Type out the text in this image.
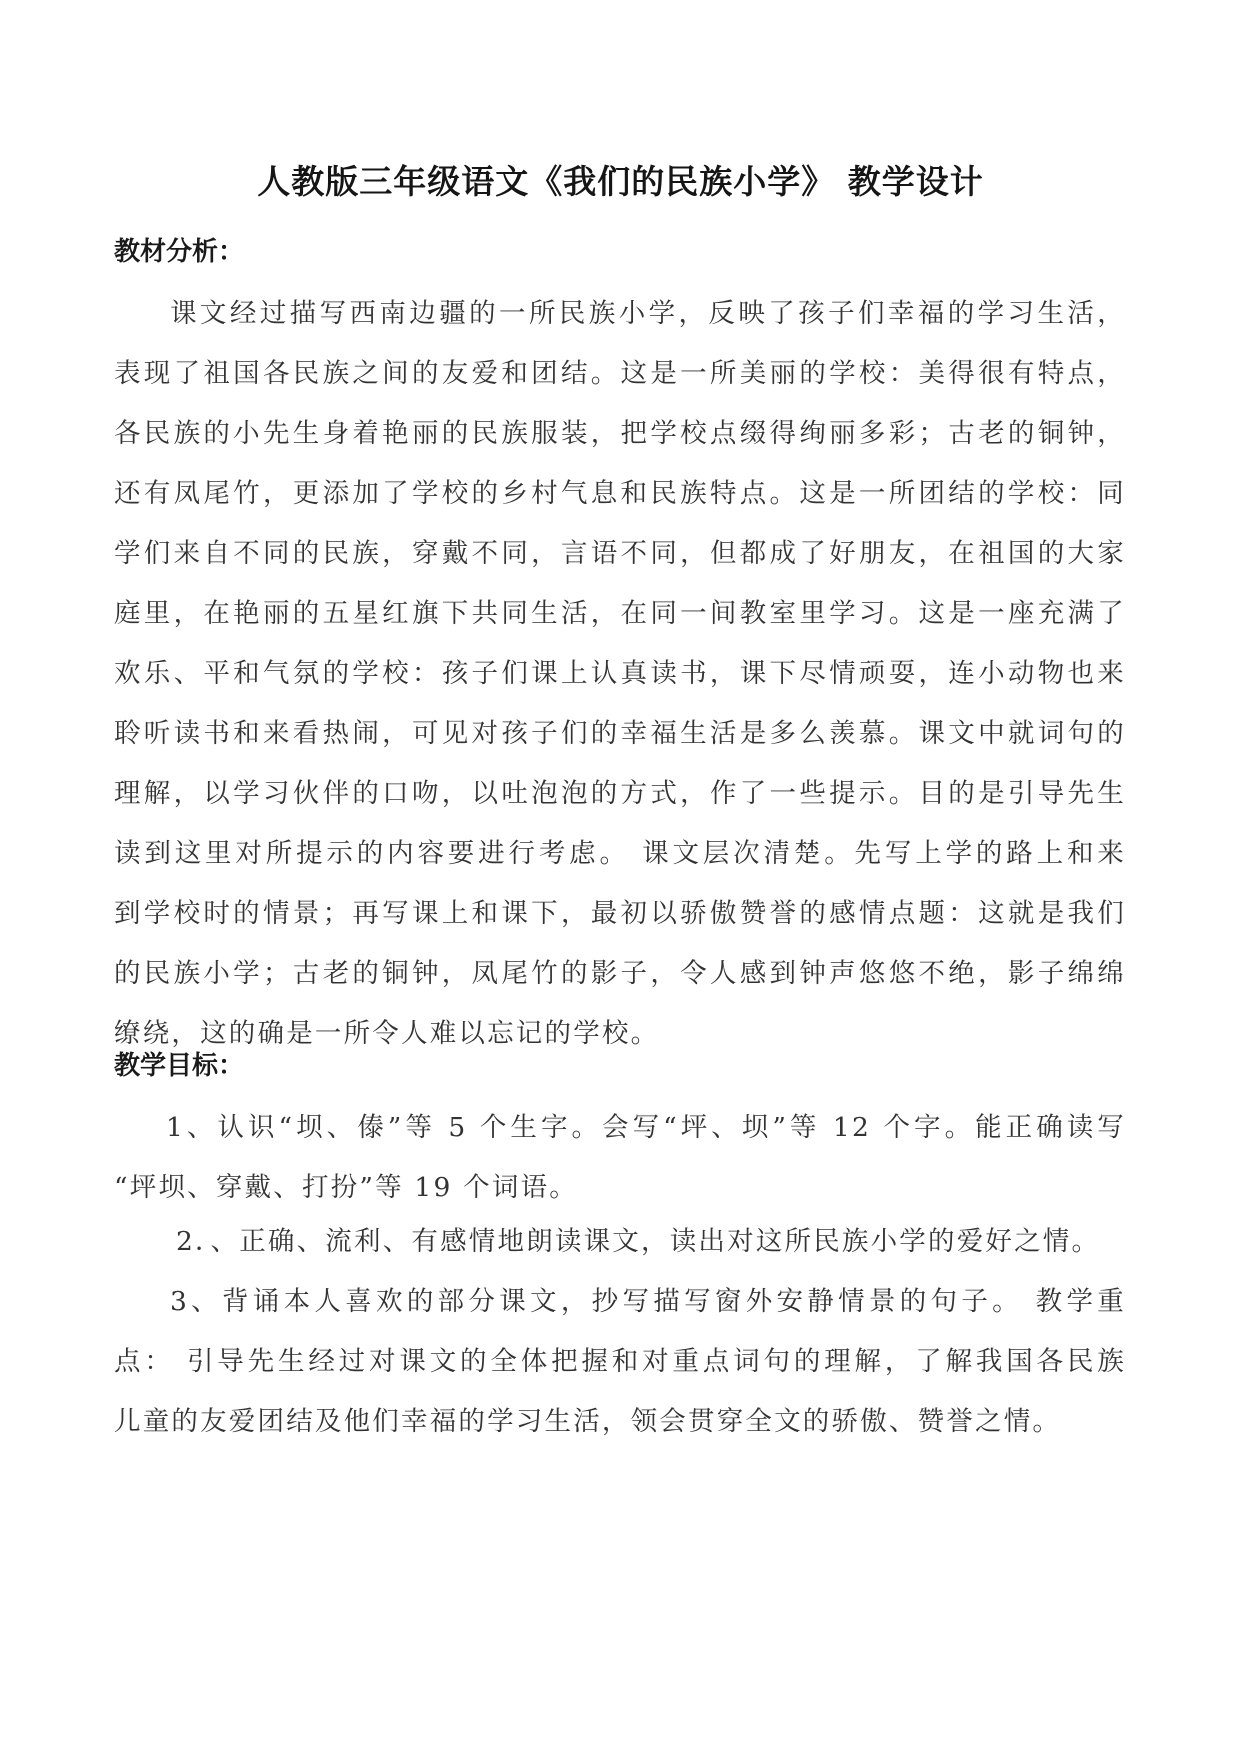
人教版三年级语文《我们的民族小学》 教学设计
教材分析：
课文经过描写西南边疆的一所民族小学，反映了孩子们幸福的学习生活，
表现了祖国各民族之间的友爱和团结。这是一所美丽的学校：美得很有特点，
各民族的小先生身着艳丽的民族服装，把学校点缀得绚丽多彩；古老的铜钟，
还有凤尾竹，更添加了学校的乡村气息和民族特点。这是一所团结的学校：同
学们来自不同的民族，穿戴不同，言语不同，但都成了好朋友，在祖国的大家
庭里，在艳丽的五星红旗下共同生活，在同一间教室里学习。这是一座充满了
欢乐、平和气氛的学校：孩子们课上认真读书，课下尽情顽耍，连小动物也来
聆听读书和来看热闹，可见对孩子们的幸福生活是多么羡慕。课文中就词句的
理解，以学习伙伴的口吻，以吐泡泡的方式，作了一些提示。目的是引导先生
读到这里对所提示的内容要进行考虑。 课文层次清楚。先写上学的路上和来
到学校时的情景；再写课上和课下，最初以骄傲赞誉的感情点题：这就是我们
的民族小学；古老的铜钟，凤尾竹的影子，令人感到钟声悠悠不绝，影子绵绵
缭绕，这的确是一所令人难以忘记的学校。
教学目标：
1、认识“坝、傣”等 5 个生字。会写“坪、坝”等 12 个字。能正确读写
“坪坝、穿戴、打扮”等 19 个词语。
2．、正确、流利、有感情地朗读课文，读出对这所民族小学的爱好之情。
3、背诵本人喜欢的部分课文，抄写描写窗外安静情景的句子。 教学重
点： 引导先生经过对课文的全体把握和对重点词句的理解，了解我国各民族
儿童的友爱团结及他们幸福的学习生活，领会贯穿全文的骄傲、赞誉之情。
